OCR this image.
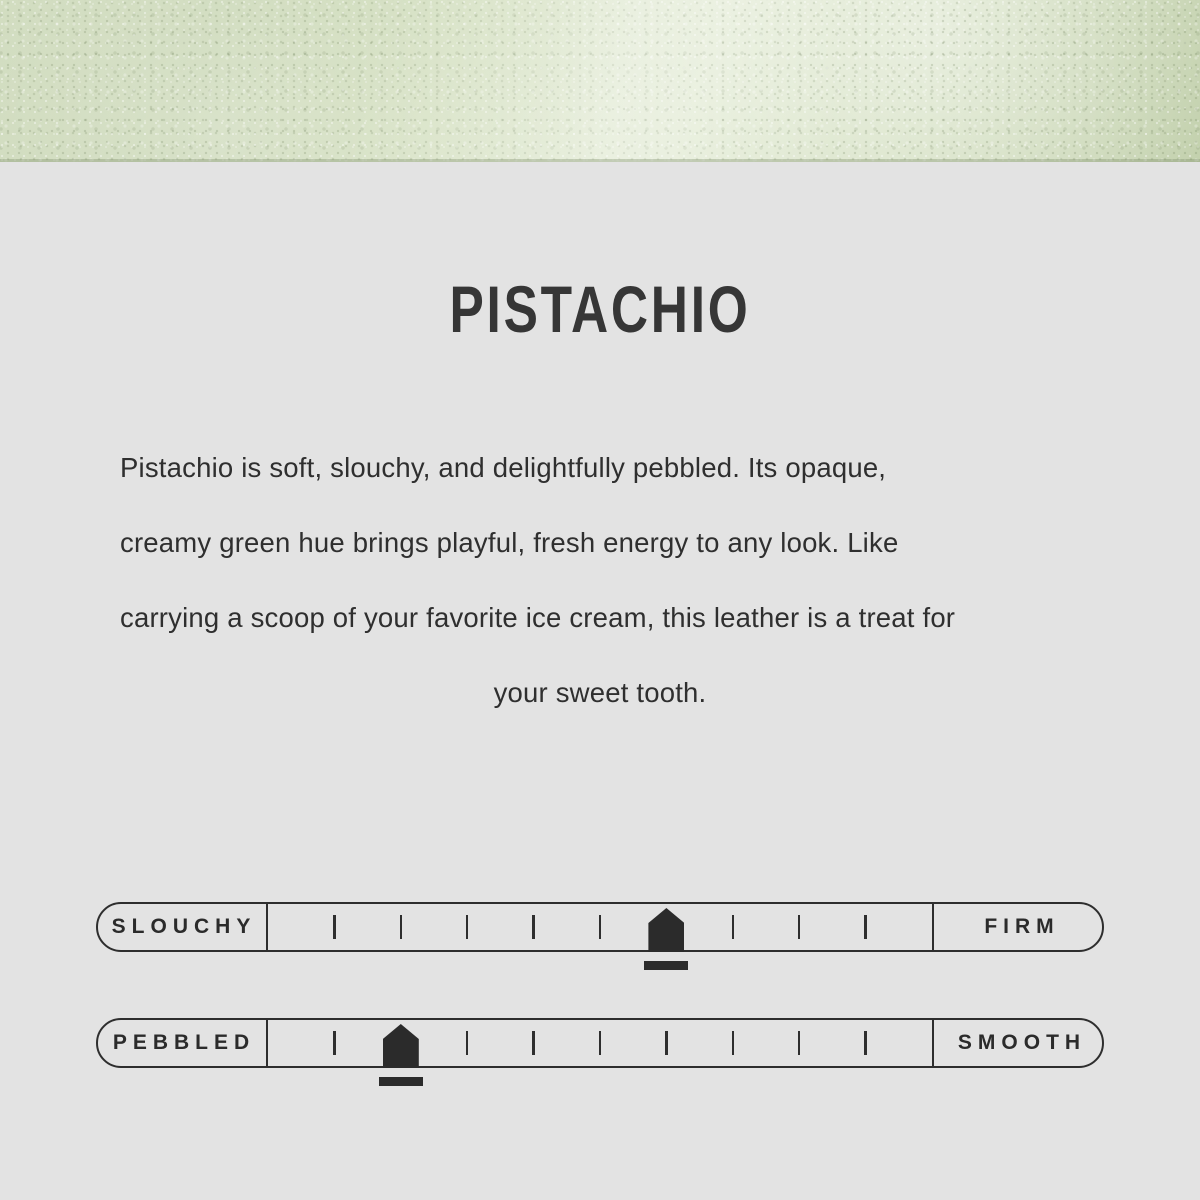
PISTACHIO
Pistachio is soft, slouchy, and delightfully pebbled. Its opaque,
creamy green hue brings playful, fresh energy to any look. Like
carrying a scoop of your favorite ice cream, this leather is a treat for
your sweet tooth.
SLOUCHY	FIRM
PEBBLED	SMOOTH
